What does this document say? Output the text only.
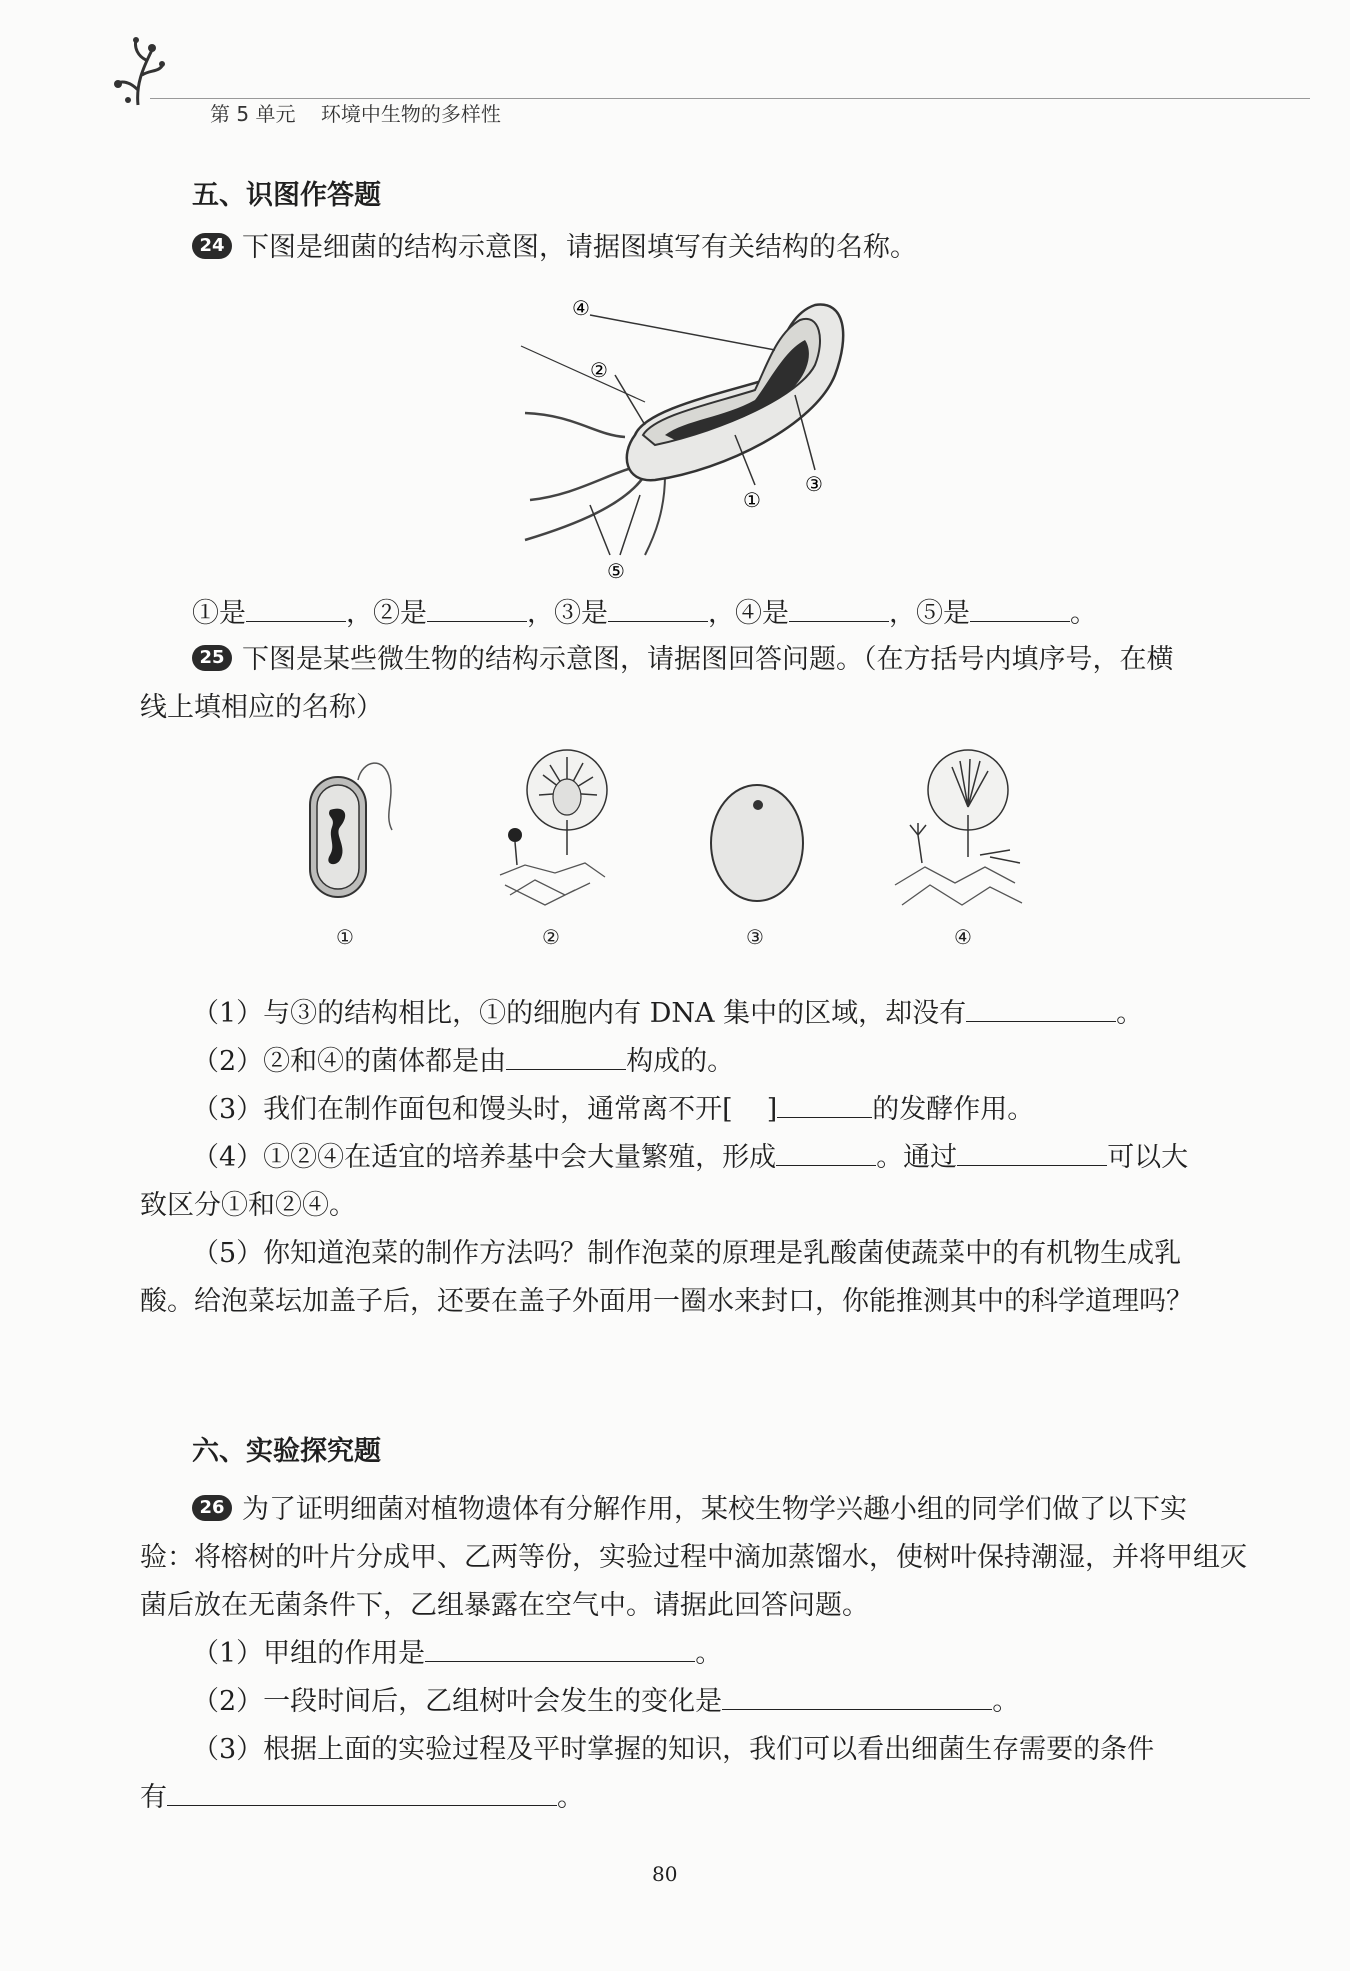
第 5 单元 环境中生物的多样性
五、识图作答题
24 下图是细菌的结构示意图，请据图填写有关结构的名称。
④
②
③
①
⑤
①是	，②是	，③是	，④是	，⑤是	。
25 下图是某些微生物的结构示意图，请据图回答问题。（在方括号内填序号，在横
线上填相应的名称）
①	②	③	④
（1）与③的结构相比，①的细胞内有 DNA 集中的区域，却没有	。
（2）②和④的菌体都是由	构成的。
（3）我们在制作面包和馒头时，通常离不开[ ]	的发酵作用。
（4）①②④在适宜的培养基中会大量繁殖，形成	。通过	可以大
致区分①和②④。
（5）你知道泡菜的制作方法吗？制作泡菜的原理是乳酸菌使蔬菜中的有机物生成乳
酸。给泡菜坛加盖子后，还要在盖子外面用一圈水来封口，你能推测其中的科学道理吗？
六、实验探究题
26 为了证明细菌对植物遗体有分解作用，某校生物学兴趣小组的同学们做了以下实
验：将榕树的叶片分成甲、乙两等份，实验过程中滴加蒸馏水，使树叶保持潮湿，并将甲组灭
菌后放在无菌条件下，乙组暴露在空气中。请据此回答问题。
（1）甲组的作用是	。
（2）一段时间后，乙组树叶会发生的变化是	。
（3）根据上面的实验过程及平时掌握的知识，我们可以看出细菌生存需要的条件
有	。
80
